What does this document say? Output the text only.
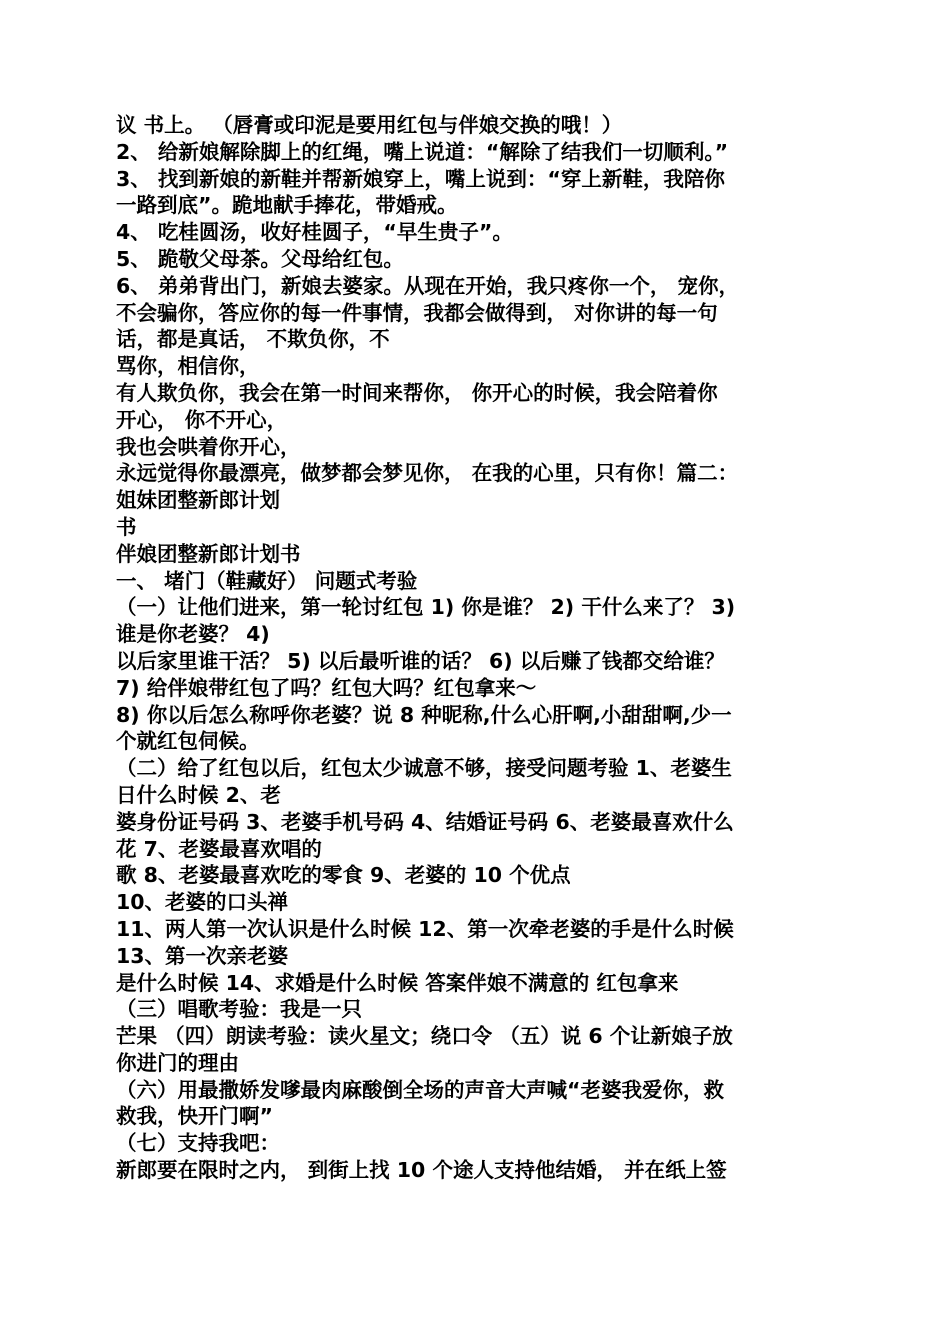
议 书上。 （唇膏或印泥是要用红包与伴娘交换的哦！）
2、 给新娘解除脚上的红绳，嘴上说道：“解除了结我们一切顺利。”
3、 找到新娘的新鞋并帮新娘穿上，嘴上说到：“穿上新鞋，我陪你
一路到底”。跪地献手捧花，带婚戒。
4、 吃桂圆汤，收好桂圆子，“早生贵子”。
5、 跪敬父母茶。父母给红包。
6、 弟弟背出门，新娘去婆家。从现在开始，我只疼你一个， 宠你，
不会骗你，答应你的每一件事情，我都会做得到， 对你讲的每一句
话，都是真话， 不欺负你，不
骂你，相信你，
有人欺负你，我会在第一时间来帮你， 你开心的时候，我会陪着你
开心， 你不开心，
我也会哄着你开心，
永远觉得你最漂亮，做梦都会梦见你， 在我的心里，只有你！篇二：
姐妹团整新郎计划
书
伴娘团整新郎计划书
一、 堵门（鞋藏好） 问题式考验
（一）让他们进来，第一轮讨红包 1) 你是谁？ 2) 干什么来了？ 3)
谁是你老婆？ 4)
以后家里谁干活？ 5) 以后最听谁的话？ 6) 以后赚了钱都交给谁？
7) 给伴娘带红包了吗？红包大吗？红包拿来～
8) 你以后怎么称呼你老婆？说 8 种昵称,什么心肝啊,小甜甜啊,少一
个就红包伺候。
（二）给了红包以后，红包太少诚意不够，接受问题考验 1、老婆生
日什么时候 2、老
婆身份证号码 3、老婆手机号码 4、结婚证号码 6、老婆最喜欢什么
花 7、老婆最喜欢唱的
歌 8、老婆最喜欢吃的零食 9、老婆的 10 个优点
10、老婆的口头禅
11、两人第一次认识是什么时候 12、第一次牵老婆的手是什么时候
13、第一次亲老婆
是什么时候 14、求婚是什么时候 答案伴娘不满意的 红包拿来
（三）唱歌考验：我是一只
芒果 （四）朗读考验：读火星文；绕口令 （五）说 6 个让新娘子放
你进门的理由
（六）用最撒娇发嗲最肉麻酸倒全场的声音大声喊“老婆我爱你，救
救我，快开门啊”
（七）支持我吧：
新郎要在限时之内， 到街上找 10 个途人支持他结婚， 并在纸上签
